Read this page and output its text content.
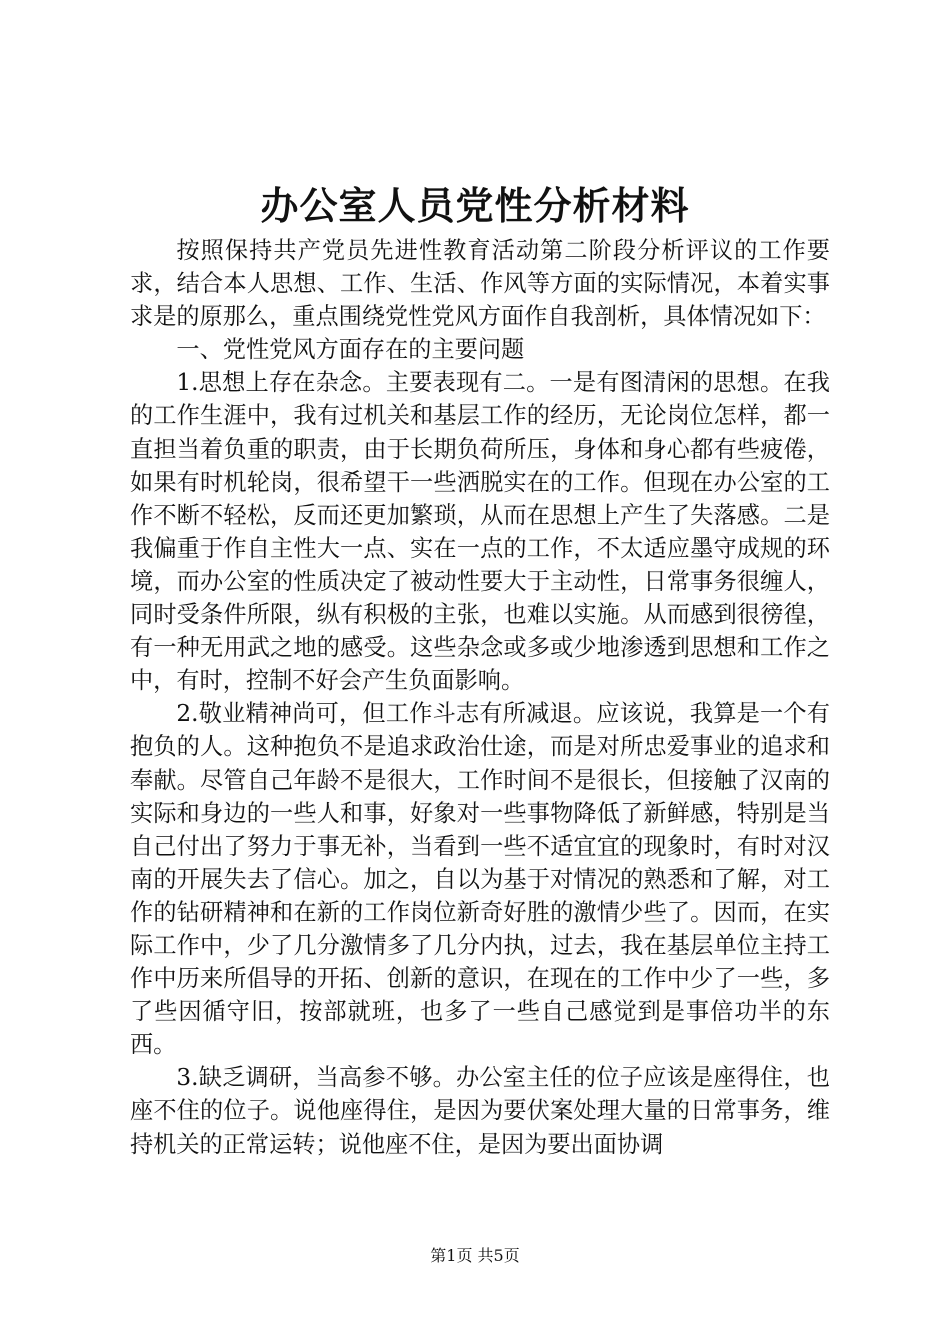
办公室人员党性分析材料

按照保持共产党员先进性教育活动第二阶段分析评议的工作要求，结合本人思想、工作、生活、作风等方面的实际情况，本着实事求是的原那么，重点围绕党性党风方面作自我剖析，具体情况如下：

一、党性党风方面存在的主要问题

1.思想上存在杂念。主要表现有二。一是有图清闲的思想。在我的工作生涯中，我有过机关和基层工作的经历，无论岗位怎样，都一直担当着负重的职责，由于长期负荷所压，身体和身心都有些疲倦，如果有时机轮岗，很希望干一些洒脱实在的工作。但现在办公室的工作不断不轻松，反而还更加繁琐，从而在思想上产生了失落感。二是我偏重于作自主性大一点、实在一点的工作，不太适应墨守成规的环境，而办公室的性质决定了被动性要大于主动性，日常事务很缠人，同时受条件所限，纵有积极的主张，也难以实施。从而感到很徬徨，有一种无用武之地的感受。这些杂念或多或少地渗透到思想和工作之中，有时，控制不好会产生负面影响。

2.敬业精神尚可，但工作斗志有所减退。应该说，我算是一个有抱负的人。这种抱负不是追求政治仕途，而是对所忠爱事业的追求和奉献。尽管自己年龄不是很大，工作时间不是很长，但接触了汉南的实际和身边的一些人和事，好象对一些事物降低了新鲜感，特别是当自己付出了努力于事无补，当看到一些不适宜宜的现象时，有时对汉南的开展失去了信心。加之，自以为基于对情况的熟悉和了解，对工作的钻研精神和在新的工作岗位新奇好胜的激情少些了。因而，在实际工作中，少了几分激情多了几分内执，过去，我在基层单位主持工作中历来所倡导的开拓、创新的意识，在现在的工作中少了一些，多了些因循守旧，按部就班，也多了一些自己感觉到是事倍功半的东西。

3.缺乏调研，当高参不够。办公室主任的位子应该是座得住，也座不住的位子。说他座得住，是因为要伏案处理大量的日常事务，维持机关的正常运转；说他座不住，是因为要出面协调

第1页 共5页
